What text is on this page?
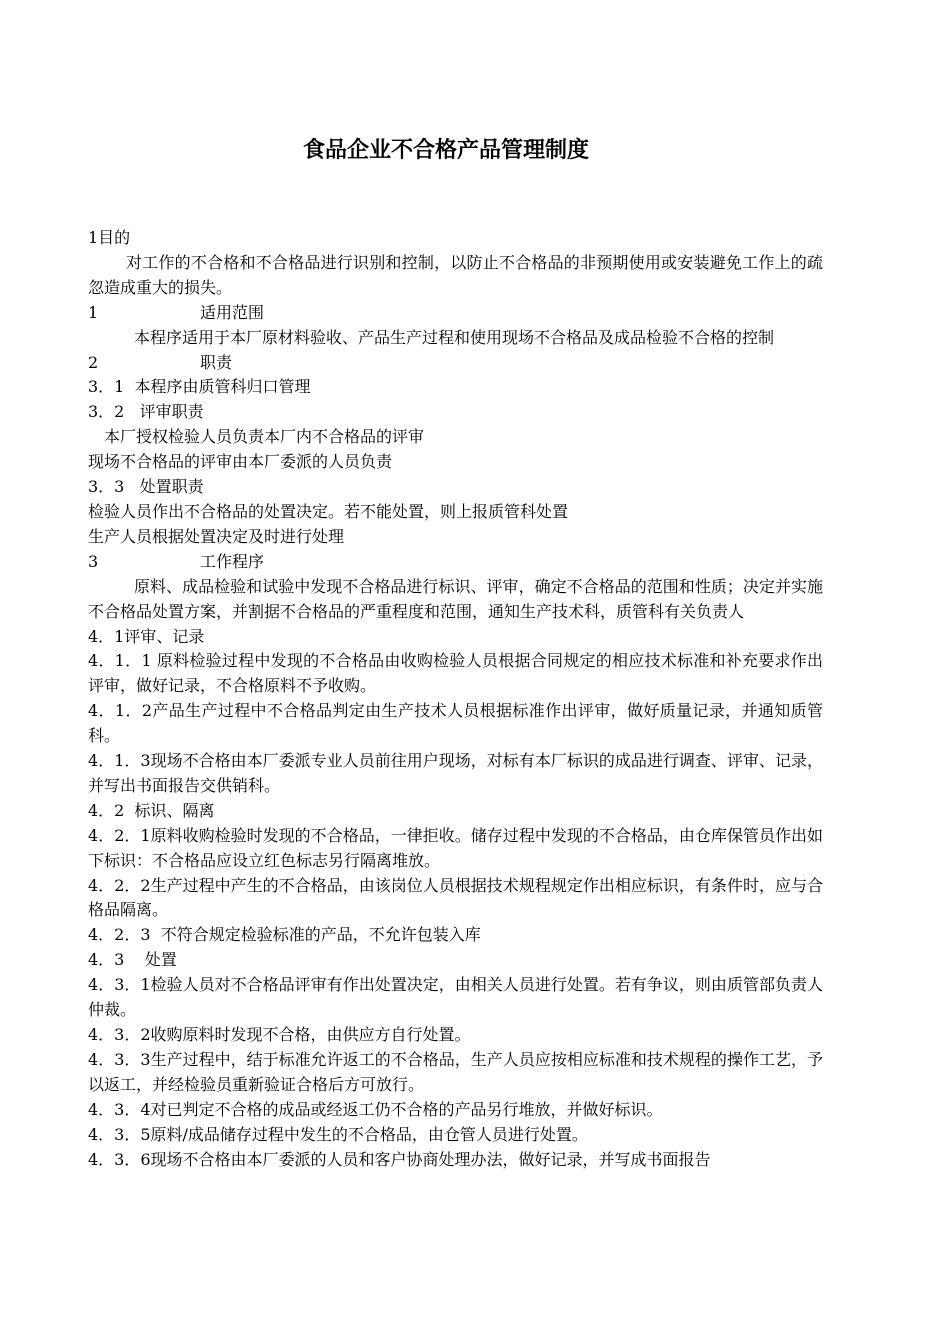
食品企业不合格产品管理制度

1目的

对工作的不合格和不合格品进行识别和控制，以防止不合格品的非预期使用或安装避免工作上的疏忽造成重大的损失。

1	适用范围

本程序适用于本厂原材料验收、产品生产过程和使用现场不合格品及成品检验不合格的控制

2	职责

3．1  本程序由质管科归口管理

3．2   评审职责

本厂授权检验人员负责本厂内不合格品的评审

现场不合格品的评审由本厂委派的人员负责

3．3   处置职责

检验人员作出不合格品的处置决定。若不能处置，则上报质管科处置

生产人员根据处置决定及时进行处理

3	工作程序

原料、成品检验和试验中发现不合格品进行标识、评审，确定不合格品的范围和性质；决定并实施不合格品处置方案，并割据不合格品的严重程度和范围，通知生产技术科，质管科有关负责人

4．1评审、记录

4．1．1 原料检验过程中发现的不合格品由收购检验人员根据合同规定的相应技术标准和补充要求作出评审，做好记录，不合格原料不予收购。

4．1．2产品生产过程中不合格品判定由生产技术人员根据标准作出评审，做好质量记录，并通知质管科。

4．1．3现场不合格由本厂委派专业人员前往用户现场，对标有本厂标识的成品进行调查、评审、记录，并写出书面报告交供销科。

4．2  标识、隔离

4．2．1原料收购检验时发现的不合格品，一律拒收。储存过程中发现的不合格品，由仓库保管员作出如下标识：不合格品应设立红色标志另行隔离堆放。

4．2．2生产过程中产生的不合格品，由该岗位人员根据技术规程规定作出相应标识，有条件时，应与合格品隔离。

4．2．3  不符合规定检验标准的产品，不允许包装入库

4．3    处置

4．3．1检验人员对不合格品评审有作出处置决定，由相关人员进行处置。若有争议，则由质管部负责人仲裁。

4．3．2收购原料时发现不合格，由供应方自行处置。

4．3．3生产过程中，结于标准允许返工的不合格品，生产人员应按相应标准和技术规程的操作工艺，予以返工，并经检验员重新验证合格后方可放行。

4．3．4对已判定不合格的成品或经返工仍不合格的产品另行堆放，并做好标识。

4．3．5原料/成品储存过程中发生的不合格品，由仓管人员进行处置。

4．3．6现场不合格由本厂委派的人员和客户协商处理办法，做好记录，并写成书面报告
